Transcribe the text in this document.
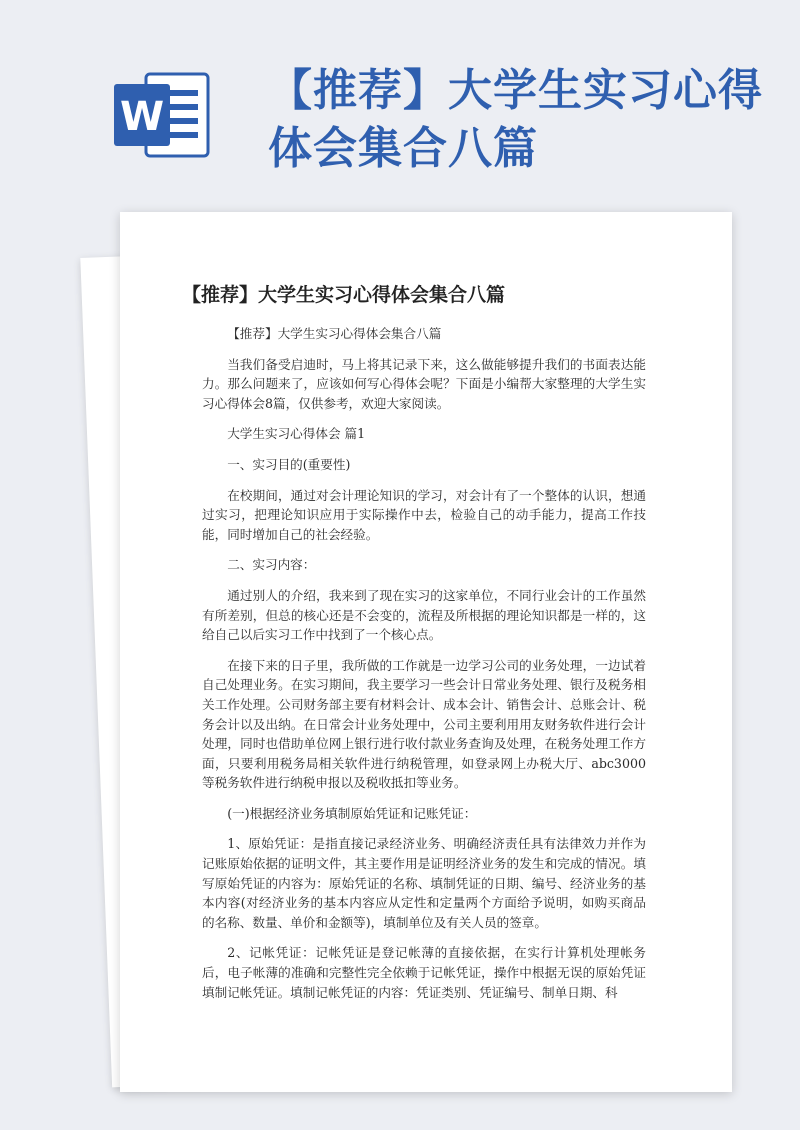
W
【推荐】大学生实习心得体会集合八篇
【推荐】大学生实习心得体会集合八篇

【推荐】大学生实习心得体会集合八篇

当我们备受启迪时，马上将其记录下来，这么做能够提升我们的书面表达能力。那么问题来了，应该如何写心得体会呢？下面是小编帮大家整理的大学生实习心得体会8篇，仅供参考，欢迎大家阅读。

大学生实习心得体会 篇1

一、实习目的(重要性)

在校期间，通过对会计理论知识的学习，对会计有了一个整体的认识，想通过实习，把理论知识应用于实际操作中去，检验自己的动手能力，提高工作技能，同时增加自己的社会经验。

二、实习内容：

通过别人的介绍，我来到了现在实习的这家单位，不同行业会计的工作虽然有所差别，但总的核心还是不会变的，流程及所根据的理论知识都是一样的，这给自己以后实习工作中找到了一个核心点。

在接下来的日子里，我所做的工作就是一边学习公司的业务处理，一边试着自己处理业务。在实习期间，我主要学习一些会计日常业务处理、银行及税务相关工作处理。公司财务部主要有材料会计、成本会计、销售会计、总账会计、税务会计以及出纳。在日常会计业务处理中，公司主要利用用友财务软件进行会计处理，同时也借助单位网上银行进行收付款业务查询及处理，在税务处理工作方面，只要利用税务局相关软件进行纳税管理，如登录网上办税大厅、abc3000等税务软件进行纳税申报以及税收抵扣等业务。

(一)根据经济业务填制原始凭证和记账凭证：

1、原始凭证：是指直接记录经济业务、明确经济责任具有法律效力并作为记账原始依据的证明文件，其主要作用是证明经济业务的发生和完成的情况。填写原始凭证的内容为：原始凭证的名称、填制凭证的日期、编号、经济业务的基本内容(对经济业务的基本内容应从定性和定量两个方面给予说明，如购买商品的名称、数量、单价和金额等)，填制单位及有关人员的签章。

2、记帐凭证：记帐凭证是登记帐薄的直接依据，在实行计算机处理帐务后，电子帐薄的准确和完整性完全依赖于记帐凭证，操作中根据无误的原始凭证填制记帐凭证。填制记帐凭证的内容：凭证类别、凭证编号、制单日期、科
